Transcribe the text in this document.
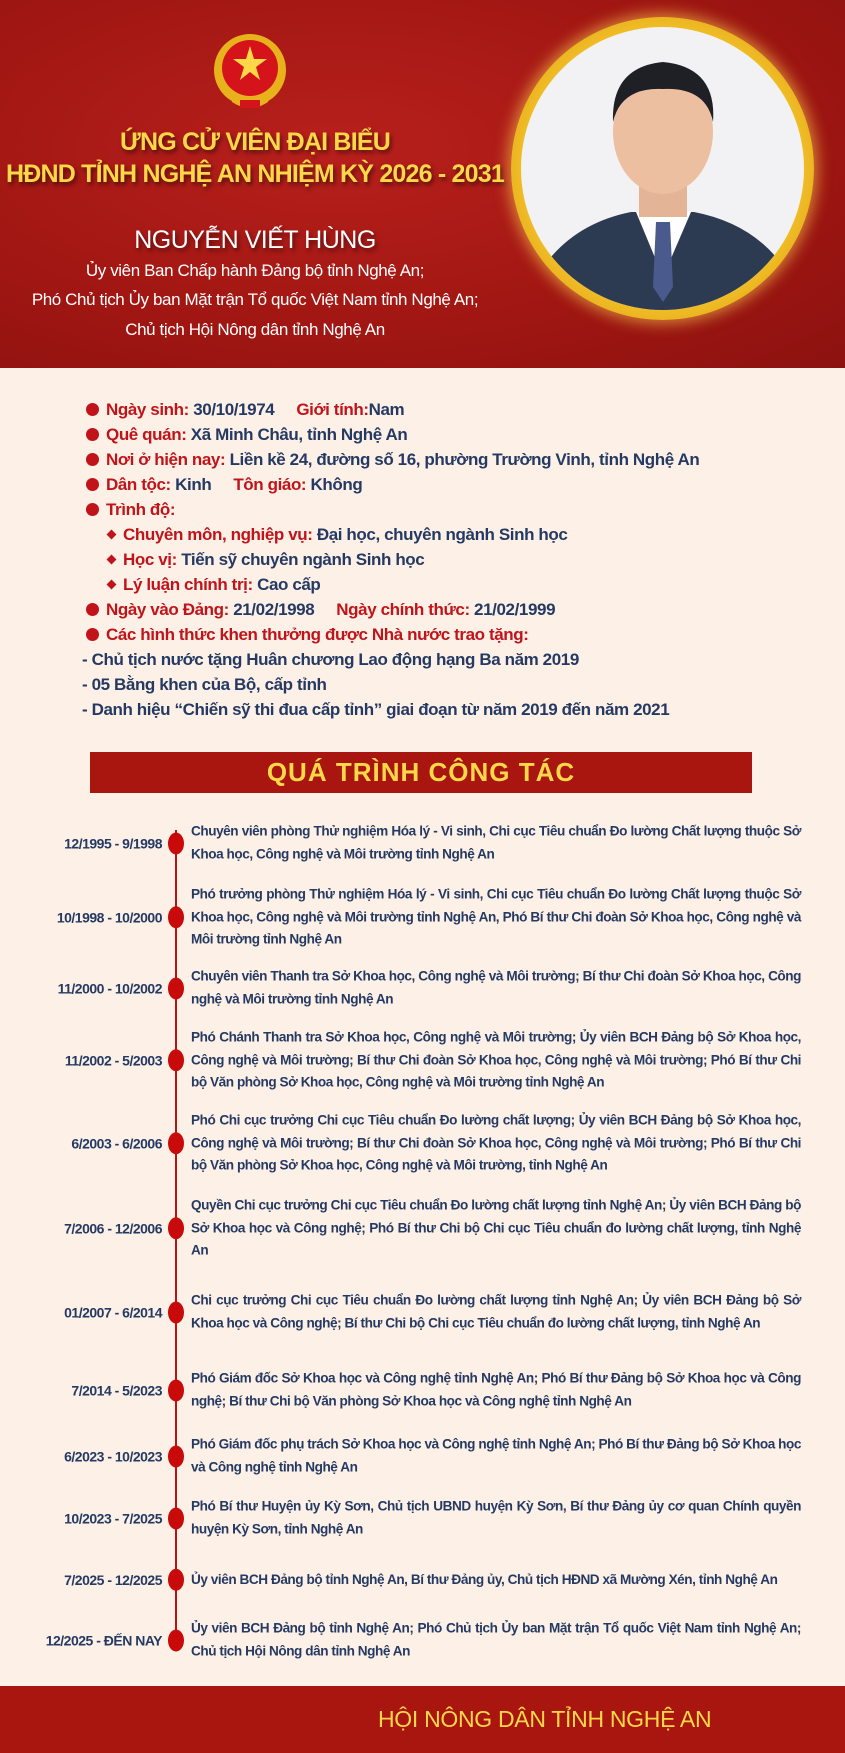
ỨNG CỬ VIÊN ĐẠI BIỂU
HĐND TỈNH NGHỆ AN NHIỆM KỲ 2026 - 2031
NGUYỄN VIẾT HÙNG
Ủy viên Ban Chấp hành Đảng bộ tỉnh Nghệ An;
Phó Chủ tịch Ủy ban Mặt trận Tổ quốc Việt Nam tỉnh Nghệ An;
Chủ tịch Hội Nông dân tỉnh Nghệ An
Ngày sinh: 30/10/1974 Giới tính:Nam
Quê quán: Xã Minh Châu, tỉnh Nghệ An
Nơi ở hiện nay: Liền kề 24, đường số 16, phường Trường Vinh, tỉnh Nghệ An
Dân tộc: Kinh Tôn giáo: Không
Trình độ:
Chuyên môn, nghiệp vụ: Đại học, chuyên ngành Sinh học
Học vị: Tiến sỹ chuyên ngành Sinh học
Lý luận chính trị: Cao cấp
Ngày vào Đảng: 21/02/1998 Ngày chính thức: 21/02/1999
Các hình thức khen thưởng được Nhà nước trao tặng:
- Chủ tịch nước tặng Huân chương Lao động hạng Ba năm 2019
- 05 Bằng khen của Bộ, cấp tỉnh
- Danh hiệu “Chiến sỹ thi đua cấp tỉnh” giai đoạn từ năm 2019 đến năm 2021
QUÁ TRÌNH CÔNG TÁC
12/1995 - 9/1998
Chuyên viên phòng Thử nghiệm Hóa lý - Vi sinh, Chi cục Tiêu chuẩn Đo lường Chất lượng thuộc Sở Khoa học, Công nghệ và Môi trường tỉnh Nghệ An
10/1998 - 10/2000
Phó trưởng phòng Thử nghiệm Hóa lý - Vi sinh, Chi cục Tiêu chuẩn Đo lường Chất lượng thuộc Sở Khoa học, Công nghệ và Môi trường tỉnh Nghệ An, Phó Bí thư Chi đoàn Sở Khoa học, Công nghệ và Môi trường tỉnh Nghệ An
11/2000 - 10/2002
Chuyên viên Thanh tra Sở Khoa học, Công nghệ và Môi trường; Bí thư Chi đoàn Sở Khoa học, Công nghệ và Môi trường tỉnh Nghệ An
11/2002 - 5/2003
Phó Chánh Thanh tra Sở Khoa học, Công nghệ và Môi trường; Ủy viên BCH Đảng bộ Sở Khoa học, Công nghệ và Môi trường; Bí thư Chi đoàn Sở Khoa học, Công nghệ và Môi trường; Phó Bí thư Chi bộ Văn phòng Sở Khoa học, Công nghệ và Môi trường tỉnh Nghệ An
6/2003 - 6/2006
Phó Chi cục trưởng Chi cục Tiêu chuẩn Đo lường chất lượng; Ủy viên BCH Đảng bộ Sở Khoa học, Công nghệ và Môi trường; Bí thư Chi đoàn Sở Khoa học, Công nghệ và Môi trường; Phó Bí thư Chi bộ Văn phòng Sở Khoa học, Công nghệ và Môi trường, tỉnh Nghệ An
7/2006 - 12/2006
Quyền Chi cục trưởng Chi cục Tiêu chuẩn Đo lường chất lượng tỉnh Nghệ An; Ủy viên BCH Đảng bộ Sở Khoa học và Công nghệ; Phó Bí thư Chi bộ Chi cục Tiêu chuẩn đo lường chất lượng, tỉnh Nghệ An
01/2007 - 6/2014
Chi cục trưởng Chi cục Tiêu chuẩn Đo lường chất lượng tỉnh Nghệ An; Ủy viên BCH Đảng bộ Sở Khoa học và Công nghệ; Bí thư Chi bộ Chi cục Tiêu chuẩn đo lường chất lượng, tỉnh Nghệ An
7/2014 - 5/2023
Phó Giám đốc Sở Khoa học và Công nghệ tỉnh Nghệ An; Phó Bí thư Đảng bộ Sở Khoa học và Công nghệ; Bí thư Chi bộ Văn phòng Sở Khoa học và Công nghệ tỉnh Nghệ An
6/2023 - 10/2023
Phó Giám đốc phụ trách Sở Khoa học và Công nghệ tỉnh Nghệ An; Phó Bí thư Đảng bộ Sở Khoa học và Công nghệ tỉnh Nghệ An
10/2023 - 7/2025
Phó Bí thư Huyện ủy Kỳ Sơn, Chủ tịch UBND huyện Kỳ Sơn, Bí thư Đảng ủy cơ quan Chính quyền huyện Kỳ Sơn, tỉnh Nghệ An
7/2025 - 12/2025 Ủy viên BCH Đảng bộ tỉnh Nghệ An, Bí thư Đảng ủy, Chủ tịch HĐND xã Mường Xén, tỉnh Nghệ An
12/2025 - ĐẾN NAY
Ủy viên BCH Đảng bộ tỉnh Nghệ An; Phó Chủ tịch Ủy ban Mặt trận Tổ quốc Việt Nam tỉnh Nghệ An; Chủ tịch Hội Nông dân tỉnh Nghệ An
HỘI NÔNG DÂN TỈNH NGHỆ AN
